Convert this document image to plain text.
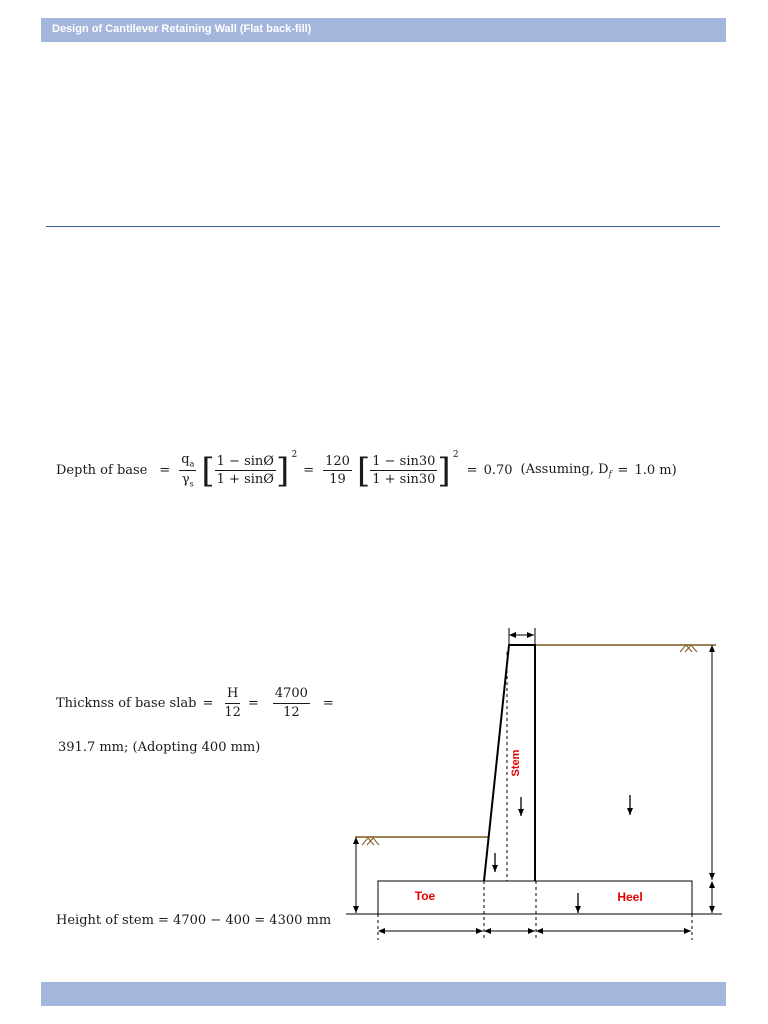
Design of Cantilever Retaining Wall (Flat back-fill)
Depth of base = $\frac{q_a}{\gamma_s}$ [ $\frac{1 - \sin Ø}{1 + \sin Ø}$ ] 2
= $\frac{120}{19}$ [ $\frac{1 - \sin 30}{1 + \sin 30}$ ] 2
= 0.70 (Assuming, $D_f = 1.0$ m)
Thicknss of base slab = $\frac{H}{12} = \frac{4700}{12}$ =
391.7 mm; (Adopting 400 mm)
Height of stem = 4700 − 400 = 4300 mm
Stem
Toe	Heel
